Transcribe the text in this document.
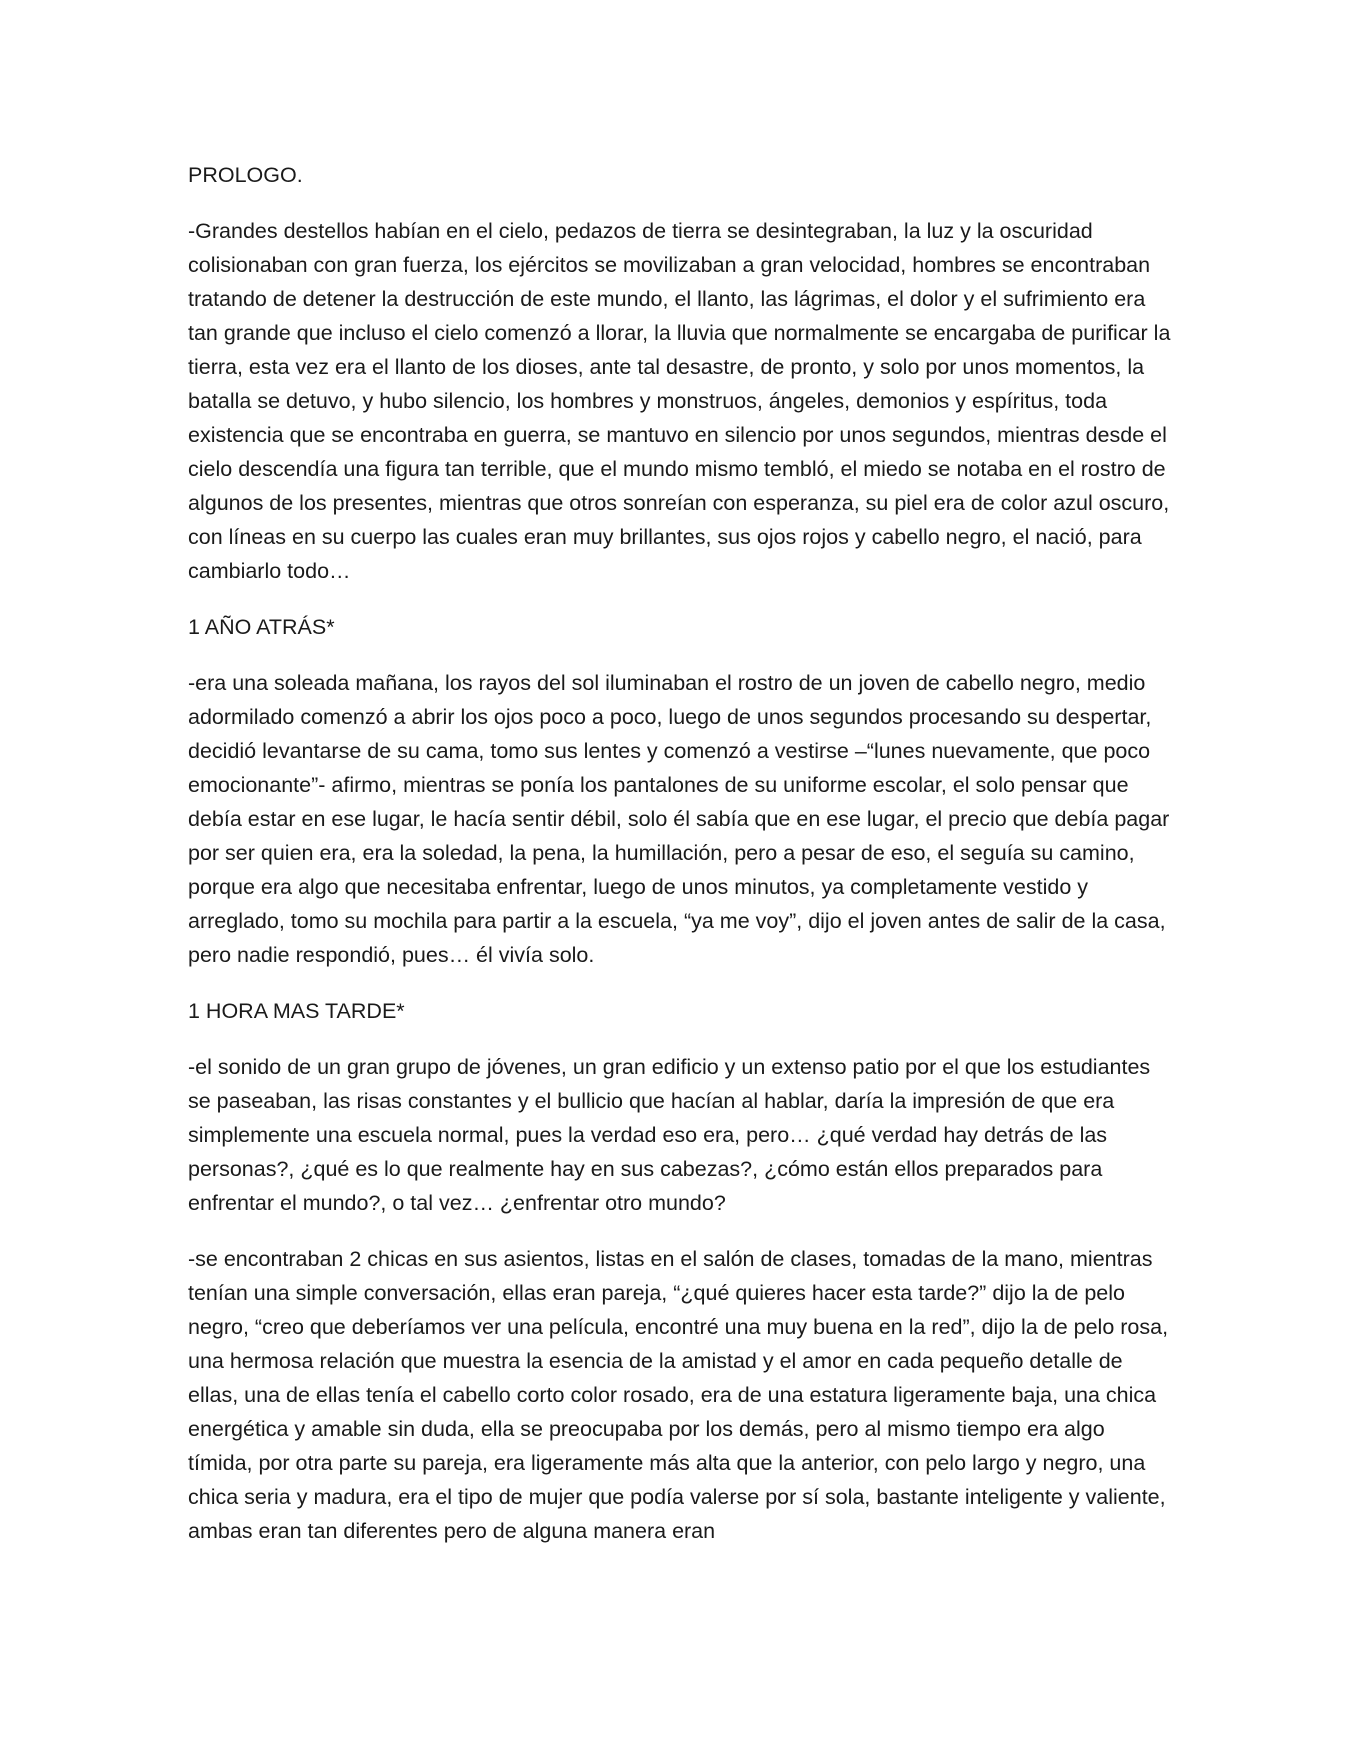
PROLOGO.

-Grandes destellos habían en el cielo, pedazos de tierra se desintegraban, la luz y la oscuridad colisionaban con gran fuerza, los ejércitos se movilizaban a gran velocidad, hombres se encontraban tratando de detener la destrucción de este mundo, el llanto, las lágrimas, el dolor y el sufrimiento era tan grande que incluso el cielo comenzó a llorar, la lluvia que normalmente se encargaba de purificar la tierra, esta vez era el llanto de los dioses, ante tal desastre, de pronto, y solo por unos momentos, la batalla se detuvo, y hubo silencio, los hombres y monstruos, ángeles, demonios y espíritus, toda existencia que se encontraba en guerra, se mantuvo en silencio por unos segundos, mientras desde el cielo descendía una figura tan terrible, que el mundo mismo tembló, el miedo se notaba en el rostro de algunos de los presentes, mientras que otros sonreían con esperanza, su piel era de color azul oscuro, con líneas en su cuerpo las cuales eran muy brillantes, sus ojos rojos y cabello negro, el nació, para cambiarlo todo…

1 AÑO ATRÁS*

-era una soleada mañana, los rayos del sol iluminaban el rostro de un joven de cabello negro, medio adormilado comenzó a abrir los ojos poco a poco, luego de unos segundos procesando su despertar, decidió levantarse de su cama, tomo sus lentes y comenzó a vestirse –“lunes nuevamente, que poco emocionante”- afirmo, mientras se ponía los pantalones de su uniforme escolar, el solo pensar que debía estar en ese lugar, le hacía sentir débil, solo él sabía que en ese lugar, el precio que debía pagar por ser quien era, era la soledad, la pena, la humillación, pero a pesar de eso, el seguía su camino, porque era algo que necesitaba enfrentar, luego de unos minutos, ya completamente vestido y arreglado, tomo su mochila para partir a la escuela, “ya me voy”, dijo el joven antes de salir de la casa, pero nadie respondió, pues… él vivía solo.

1 HORA MAS TARDE*

-el sonido de un gran grupo de jóvenes, un gran edificio y un extenso patio por el que los estudiantes se paseaban, las risas constantes y el bullicio que hacían al hablar, daría la impresión de que era simplemente una escuela normal, pues la verdad eso era, pero… ¿qué verdad hay detrás de las personas?, ¿qué es lo que realmente hay en sus cabezas?, ¿cómo están ellos preparados para enfrentar el mundo?, o tal vez… ¿enfrentar otro mundo?

-se encontraban 2 chicas en sus asientos, listas en el salón de clases, tomadas de la mano, mientras tenían una simple conversación, ellas eran pareja, “¿qué quieres hacer esta tarde?” dijo la de pelo negro, “creo que deberíamos ver una película, encontré una muy buena en la red”, dijo la de pelo rosa, una hermosa relación que muestra la esencia de la amistad y el amor en cada pequeño detalle de ellas, una de ellas tenía el cabello corto color rosado, era de una estatura ligeramente baja, una chica energética y amable sin duda, ella se preocupaba por los demás, pero al mismo tiempo era algo tímida, por otra parte su pareja, era ligeramente más alta que la anterior, con pelo largo y negro, una chica seria y madura, era el tipo de mujer que podía valerse por sí sola, bastante inteligente y valiente, ambas eran tan diferentes pero de alguna manera eran
